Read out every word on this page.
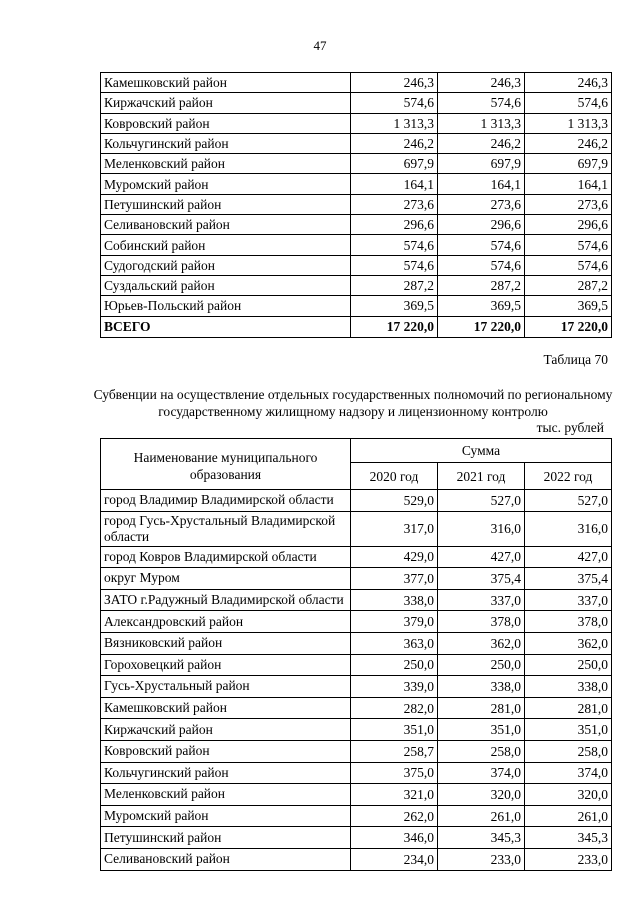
47
Камешковский район	246,3	246,3	246,3
Киржачский район	574,6	574,6	574,6
Ковровский район	1 313,3	1 313,3	1 313,3
Кольчугинский район	246,2	246,2	246,2
Меленковский район	697,9	697,9	697,9
Муромский район	164,1	164,1	164,1
Петушинский район	273,6	273,6	273,6
Селивановский район	296,6	296,6	296,6
Собинский район	574,6	574,6	574,6
Судогодский район	574,6	574,6	574,6
Суздальский район	287,2	287,2	287,2
Юрьев-Польский район	369,5	369,5	369,5
ВСЕГО	17 220,0	17 220,0	17 220,0
Таблица 70
Субвенции на осуществление отдельных государственных полномочий по региональному государственному жилищному надзору и лицензионному контролю
тыс. рублей
Наименование муниципального образования	Сумма		
	2020 год	2021 год	2022 год
город Владимир Владимирской области	529,0	527,0	527,0
город Гусь-Хрустальный Владимирской области	317,0	316,0	316,0
город Ковров Владимирской области	429,0	427,0	427,0
округ Муром	377,0	375,4	375,4
ЗАТО г.Радужный Владимирской области	338,0	337,0	337,0
Александровский район	379,0	378,0	378,0
Вязниковский район	363,0	362,0	362,0
Гороховецкий район	250,0	250,0	250,0
Гусь-Хрустальный район	339,0	338,0	338,0
Камешковский район	282,0	281,0	281,0
Киржачский район	351,0	351,0	351,0
Ковровский район	258,7	258,0	258,0
Кольчугинский район	375,0	374,0	374,0
Меленковский район	321,0	320,0	320,0
Муромский район	262,0	261,0	261,0
Петушинский район	346,0	345,3	345,3
Селивановский район	234,0	233,0	233,0
